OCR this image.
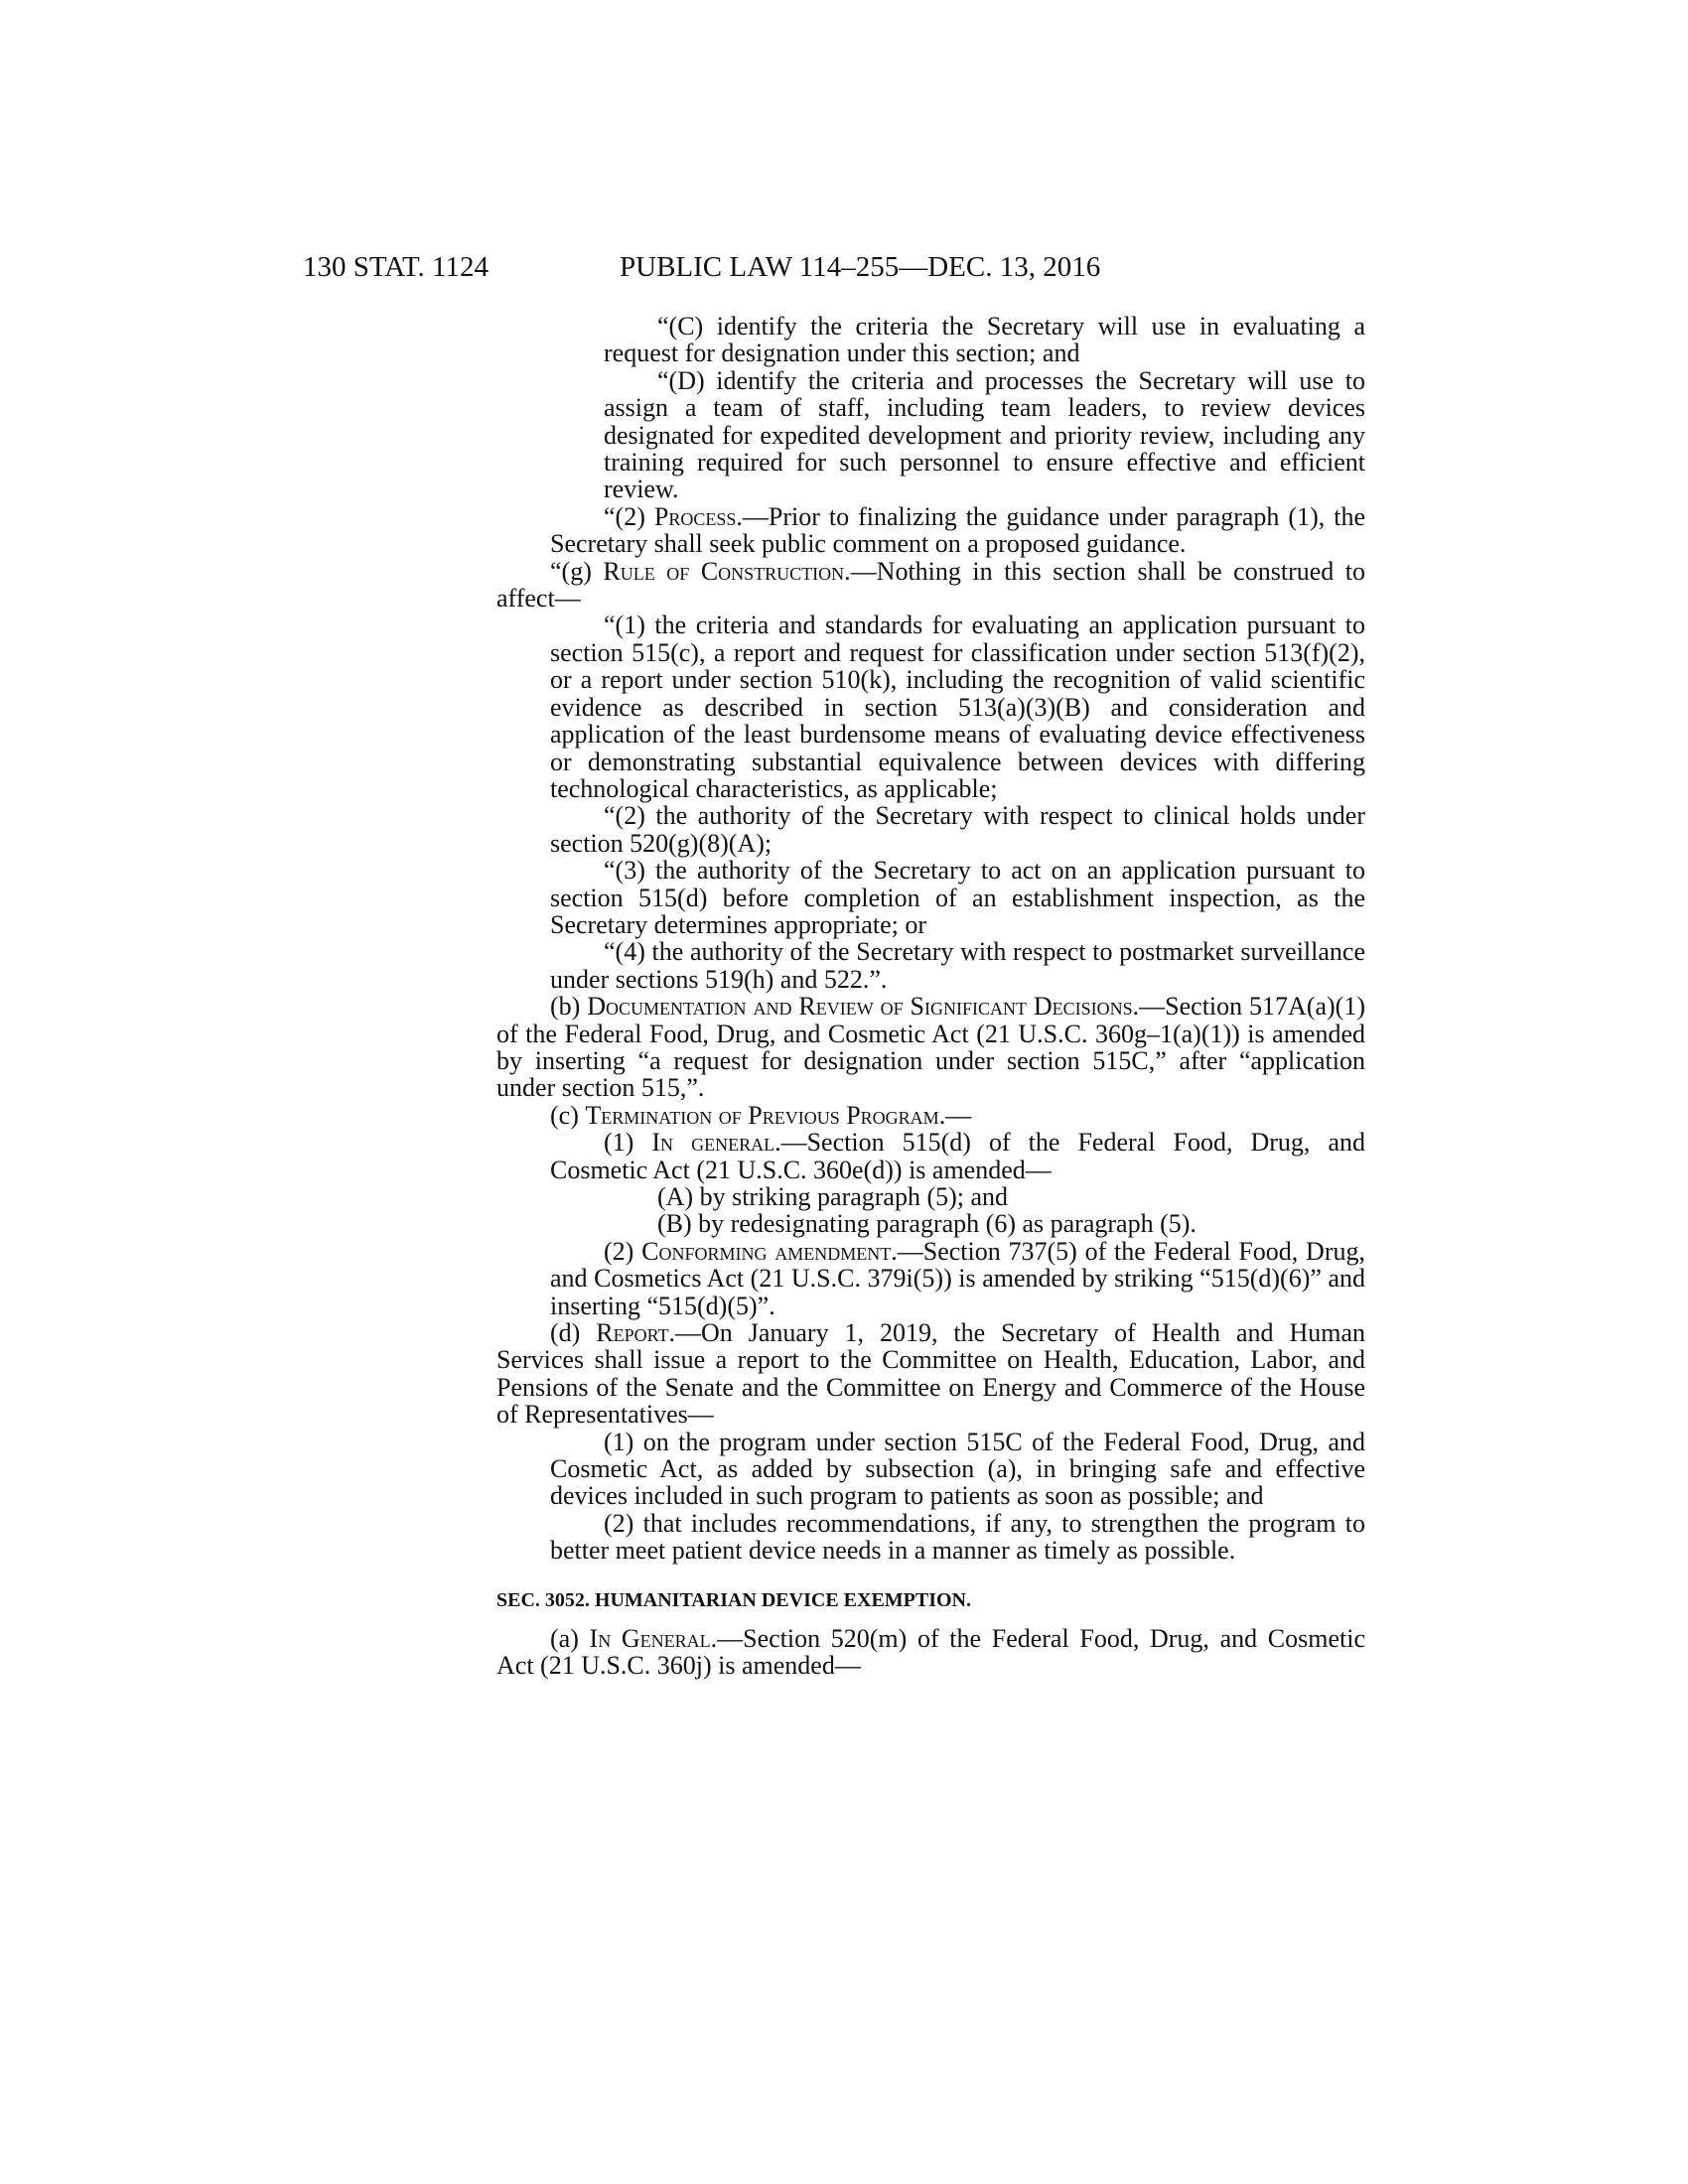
130 STAT. 1124	PUBLIC LAW 114–255—DEC. 13, 2016

“(C) identify the criteria the Secretary will use in evaluating a request for designation under this section; and

“(D) identify the criteria and processes the Secretary will use to assign a team of staff, including team leaders, to review devices designated for expedited development and priority review, including any training required for such personnel to ensure effective and efficient review.

“(2) Process.—Prior to finalizing the guidance under paragraph (1), the Secretary shall seek public comment on a proposed guidance.

“(g) Rule of Construction.—Nothing in this section shall be construed to affect—

“(1) the criteria and standards for evaluating an application pursuant to section 515(c), a report and request for classification under section 513(f)(2), or a report under section 510(k), including the recognition of valid scientific evidence as described in section 513(a)(3)(B) and consideration and application of the least burdensome means of evaluating device effectiveness or demonstrating substantial equivalence between devices with differing technological characteristics, as applicable;

“(2) the authority of the Secretary with respect to clinical holds under section 520(g)(8)(A);

“(3) the authority of the Secretary to act on an application pursuant to section 515(d) before completion of an establishment inspection, as the Secretary determines appropriate; or

“(4) the authority of the Secretary with respect to postmarket surveillance under sections 519(h) and 522.”.

(b) Documentation and Review of Significant Decisions.—Section 517A(a)(1) of the Federal Food, Drug, and Cosmetic Act (21 U.S.C. 360g–1(a)(1)) is amended by inserting “a request for designation under section 515C,” after “application under section 515,”.

(c) Termination of Previous Program.—

(1) In general.—Section 515(d) of the Federal Food, Drug, and Cosmetic Act (21 U.S.C. 360e(d)) is amended—

(A) by striking paragraph (5); and

(B) by redesignating paragraph (6) as paragraph (5).

(2) Conforming amendment.—Section 737(5) of the Federal Food, Drug, and Cosmetics Act (21 U.S.C. 379i(5)) is amended by striking “515(d)(6)” and inserting “515(d)(5)”.

(d) Report.—On January 1, 2019, the Secretary of Health and Human Services shall issue a report to the Committee on Health, Education, Labor, and Pensions of the Senate and the Committee on Energy and Commerce of the House of Representatives—

(1) on the program under section 515C of the Federal Food, Drug, and Cosmetic Act, as added by subsection (a), in bringing safe and effective devices included in such program to patients as soon as possible; and

(2) that includes recommendations, if any, to strengthen the program to better meet patient device needs in a manner as timely as possible.

SEC. 3052. HUMANITARIAN DEVICE EXEMPTION.

(a) In General.—Section 520(m) of the Federal Food, Drug, and Cosmetic Act (21 U.S.C. 360j) is amended—
